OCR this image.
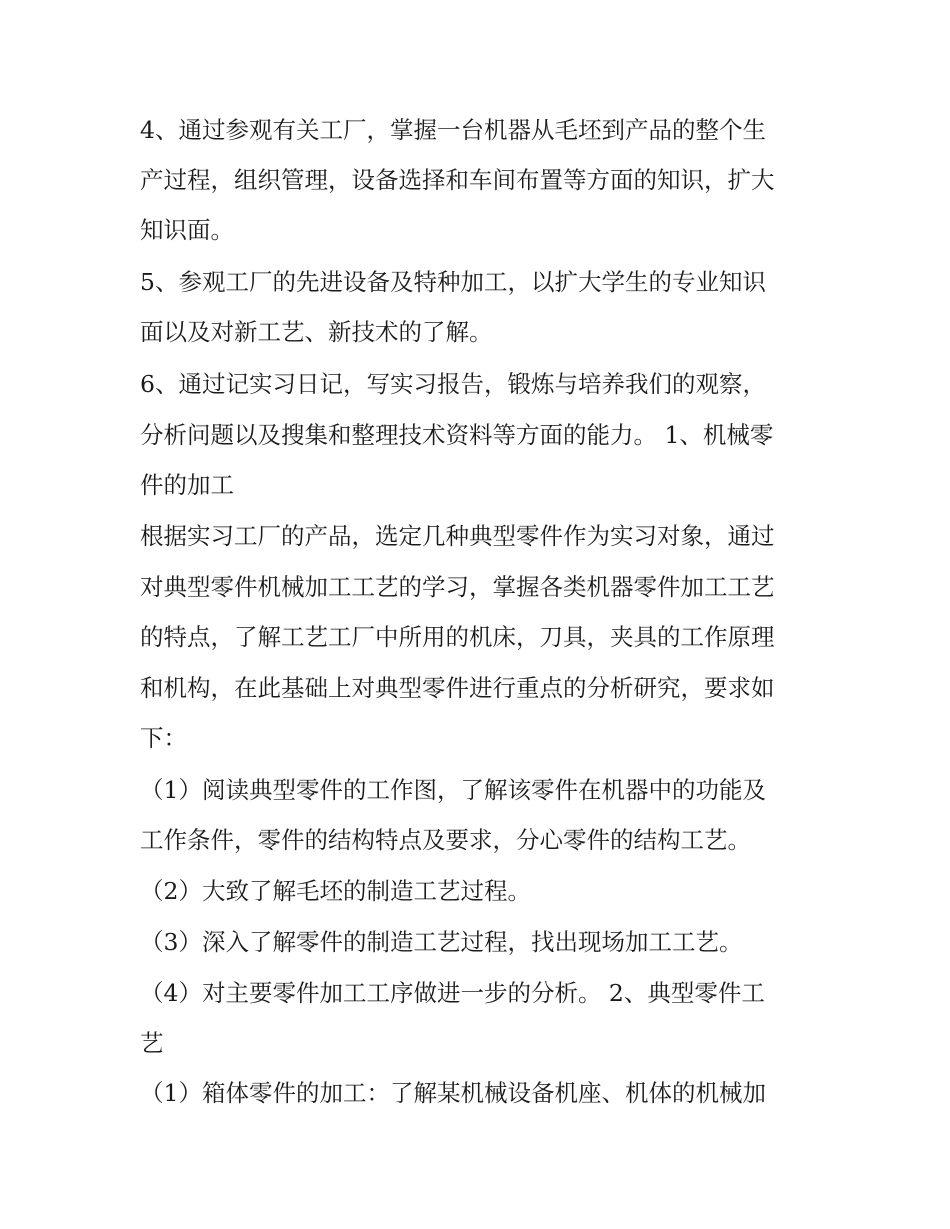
4、通过参观有关工厂，掌握一台机器从毛坯到产品的整个生
产过程，组织管理，设备选择和车间布置等方面的知识，扩大
知识面。
5、参观工厂的先进设备及特种加工，以扩大学生的专业知识
面以及对新工艺、新技术的了解。
6、通过记实习日记，写实习报告，锻炼与培养我们的观察，
分析问题以及搜集和整理技术资料等方面的能力。 1、机械零
件的加工
根据实习工厂的产品，选定几种典型零件作为实习对象，通过
对典型零件机械加工工艺的学习，掌握各类机器零件加工工艺
的特点，了解工艺工厂中所用的机床，刀具，夹具的工作原理
和机构，在此基础上对典型零件进行重点的分析研究，要求如
下：
（1）阅读典型零件的工作图，了解该零件在机器中的功能及
工作条件，零件的结构特点及要求，分心零件的结构工艺。
（2）大致了解毛坯的制造工艺过程。
（3）深入了解零件的制造工艺过程，找出现场加工工艺。
（4）对主要零件加工工序做进一步的分析。 2、典型零件工
艺
（1）箱体零件的加工：了解某机械设备机座、机体的机械加
